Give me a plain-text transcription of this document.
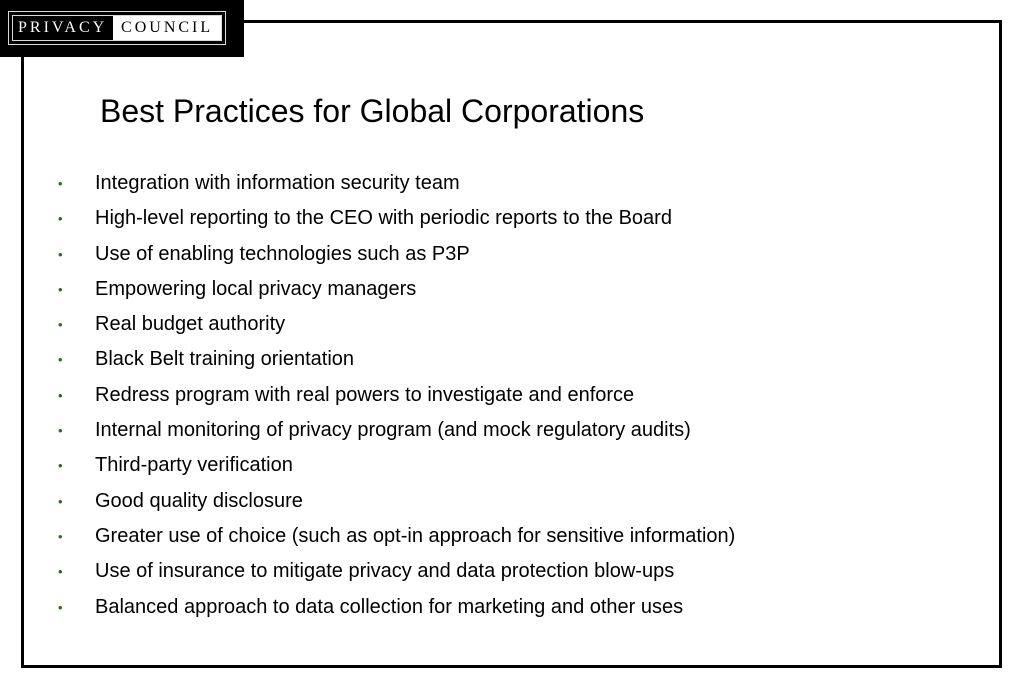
PRIVACY COUNCIL
Best Practices for Global Corporations
• Integration with information security team
• High-level reporting to the CEO with periodic reports to the Board
• Use of enabling technologies such as P3P
• Empowering local privacy managers
• Real budget authority
• Black Belt training orientation
• Redress program with real powers to investigate and enforce
• Internal monitoring of privacy program (and mock regulatory audits)
• Third-party verification
• Good quality disclosure
• Greater use of choice (such as opt-in approach for sensitive information)
• Use of insurance to mitigate privacy and data protection blow-ups
• Balanced approach to data collection for marketing and other uses
